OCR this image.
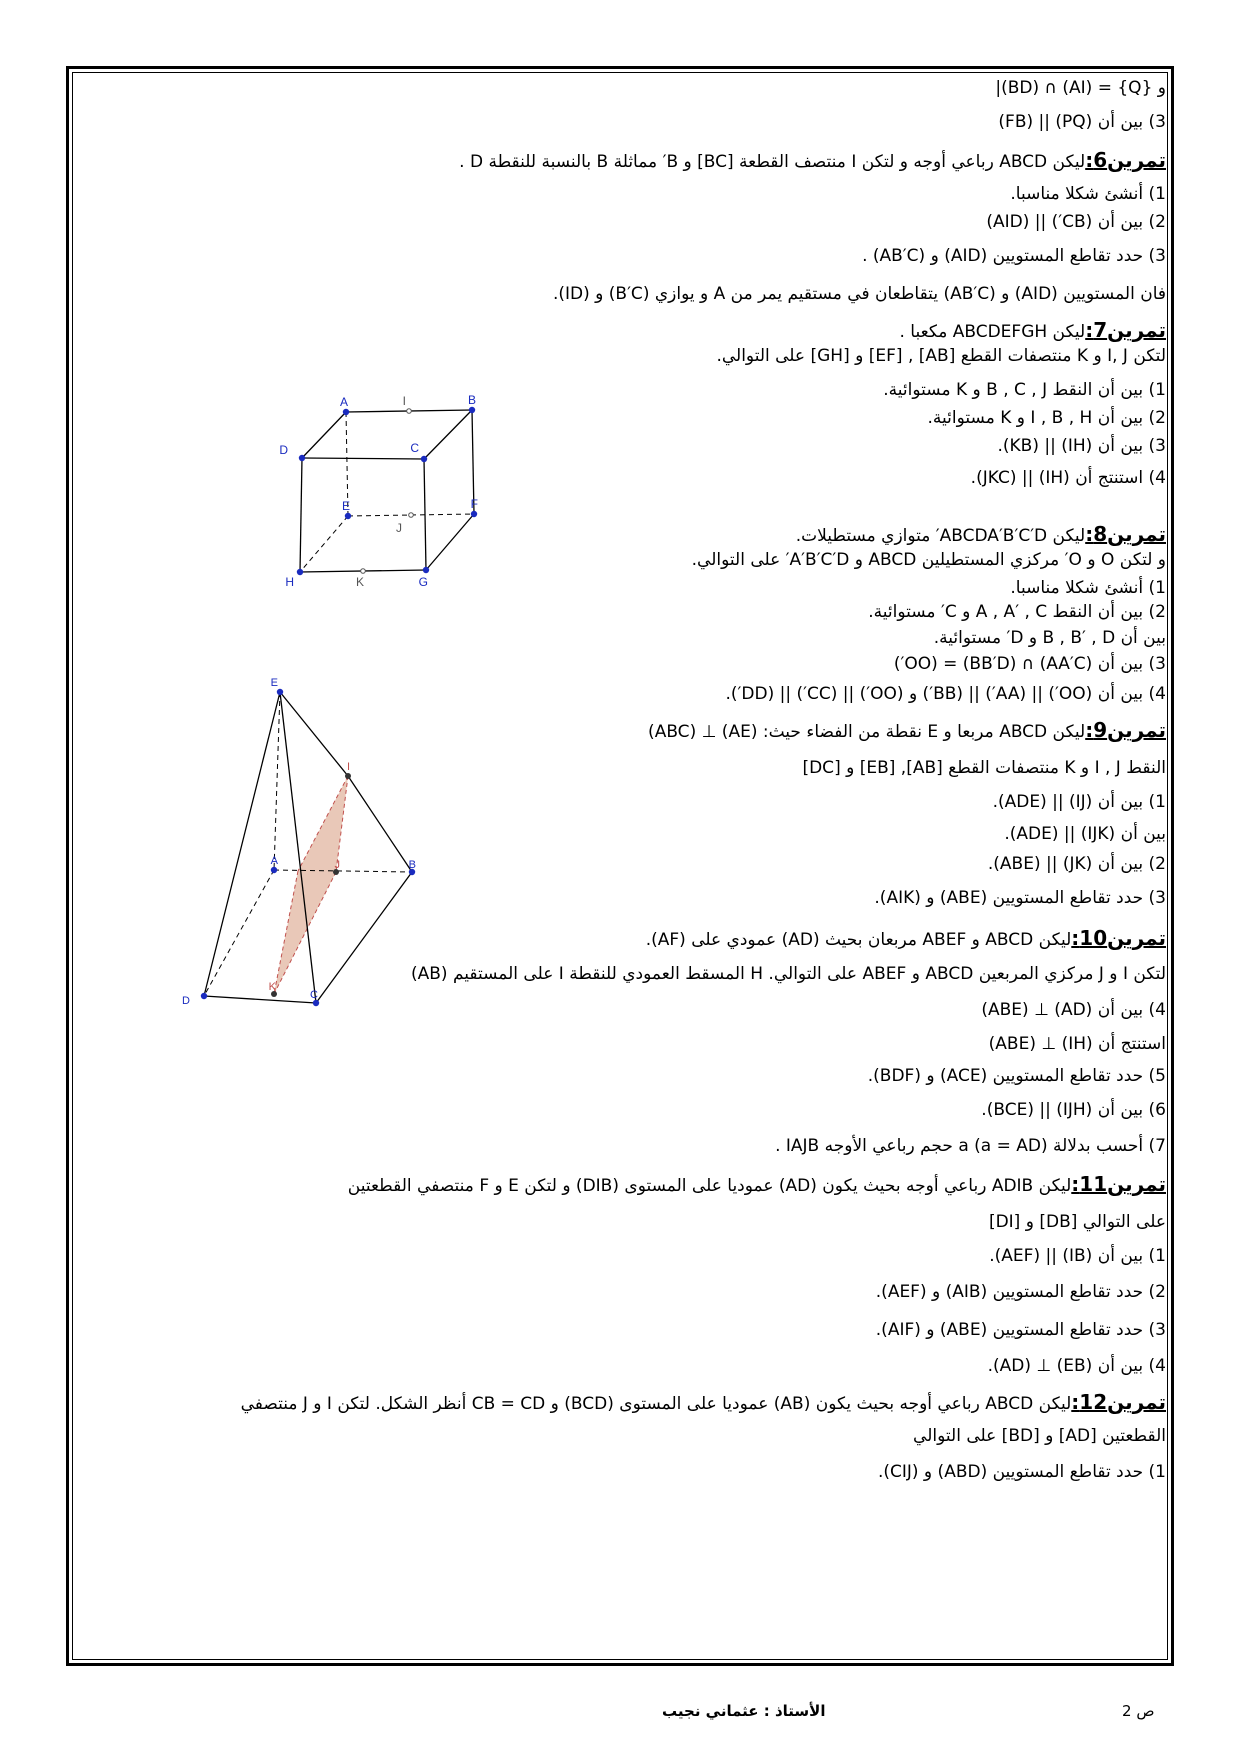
و {Q} = (AI) ∩ (BD)|
3) بين أن (PQ) || (FB)
تمرين6:ليكن ABCD رباعي أوجه و لتكن I منتصف القطعة [BC] و B′ مماثلة B بالنسبة للنقطة D .
1) أنشئ شكلا مناسبا.
2) بين أن (CB′) || (AID)
3) حدد تقاطع المستويين (AID) و (AB′C) .
فان المستويين (AID) و (AB′C) يتقاطعان في مستقيم يمر من A و يوازي (B′C) و (ID).
تمرين7:ليكن ABCDEFGH مكعبا .
لتكن I, J و K منتصفات القطع [AB] , [EF] و [GH] على التوالي.
1) بين أن النقط B , C , J و K مستوائية.
2) بين أن I , B , H و K مستوائية.
3) بين أن (IH) || (KB).
4) استنتج أن (IH) || (JKC).
تمرين8:ليكن ABCDA′B′C′D′ متوازي مستطيلات.
و لتكن O و O′ مركزي المستطيلين ABCD و A′B′C′D′ على التوالي.
1) أنشئ شكلا مناسبا.
2) بين أن النقط A , A′ , C و C′ مستوائية.
بين أن B , B′ , D و D′ مستوائية.
3) بين أن (AA′C) ∩ (BB′D) = (OO′)
4) بين أن (OO′) || (AA′) || (BB′) و (OO′) || (CC′) || (DD′).
تمرين9:ليكن ABCD مربعا و E نقطة من الفضاء حيث: (AE) ⊥ (ABC)
النقط I , J و K منتصفات القطع [AB], [EB] و [DC]
1) بين أن (IJ) || (ADE).
بين أن (IJK) || (ADE).
2) بين أن (JK) || (ABE).
3) حدد تقاطع المستويين (ABE) و (AIK).
تمرين10:ليكن ABCD و ABEF مربعان بحيث (AD) عمودي على (AF).
لتكن I و J مركزي المربعين ABCD و ABEF على التوالي. H المسقط العمودي للنقطة I على المستقيم (AB)
4) بين أن (AD) ⊥ (ABE)
استنتج أن (IH) ⊥ (ABE)
5) حدد تقاطع المستويين (ACE) و (BDF).
6) بين أن (IJH) || (BCE).
7) أحسب بدلالة a (a = AD) حجم رباعي الأوجه IAJB .
تمرين11:ليكن ADIB رباعي أوجه بحيث يكون (AD) عموديا على المستوى (DIB) و لتكن E و F منتصفي القطعتين
[DI] و [DB] على التوالي
1) بين أن (IB) || (AEF).
2) حدد تقاطع المستويين (AIB) و (AEF).
3) حدد تقاطع المستويين (ABE) و (AIF).
4) بين أن (EB) ⊥ (AD).
تمرين12:ليكن ABCD رباعي أوجه بحيث يكون (AB) عموديا على المستوى (BCD) و CB = CD أنظر الشكل. لتكن I و J منتصفي
القطعتين [AD] و [BD] على التوالي
1) حدد تقاطع المستويين (ABD) و (CIJ).
A	I	B
D	C
E	F
J
H	K	G
E
I
A	J	B
D
K
C
الأستاذ : عثماني نجيب	ص 2
